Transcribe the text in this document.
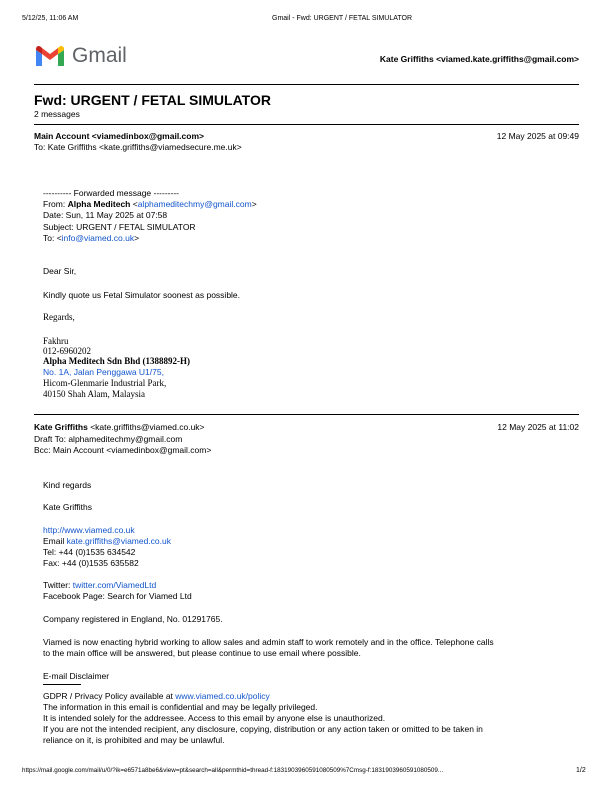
5/12/25, 11:06 AM	Gmail - Fwd: URGENT / FETAL SIMULATOR
Gmail	Kate Griffiths <viamed.kate.griffiths@gmail.com>
Fwd: URGENT / FETAL SIMULATOR
2 messages
Main Account <viamedinbox@gmail.com>	12 May 2025 at 09:49
To: Kate Griffiths <kate.griffiths@viamedsecure.me.uk>
---------- Forwarded message ---------
From: Alpha Meditech <alphameditechmy@gmail.com>
Date: Sun, 11 May 2025 at 07:58
Subject: URGENT / FETAL SIMULATOR
To: <info@viamed.co.uk>
Dear Sir,
Kindly quote us Fetal Simulator soonest as possible.
Regards,
Fakhru
012-6960202
Alpha Meditech Sdn Bhd (1388892-H)
No. 1A, Jalan Penggawa U1/75,
Hicom-Glenmarie Industrial Park,
40150 Shah Alam, Malaysia
Kate Griffiths <kate.griffiths@viamed.co.uk>	12 May 2025 at 11:02
Draft To: alphameditechmy@gmail.com
Bcc: Main Account <viamedinbox@gmail.com>
Kind regards
Kate Griffiths
http://www.viamed.co.uk
Email kate.griffiths@viamed.co.uk
Tel: +44 (0)1535 634542
Fax: +44 (0)1535 635582
Twitter: twitter.com/ViamedLtd
Facebook Page: Search for Viamed Ltd
Company registered in England, No. 01291765.
Viamed is now enacting hybrid working to allow sales and admin staff to work remotely and in the office. Telephone calls
to the main office will be answered, but please continue to use email where possible.
E-mail Disclaimer
GDPR / Privacy Policy available at www.viamed.co.uk/policy
The information in this email is confidential and may be legally privileged.
It is intended solely for the addressee. Access to this email by anyone else is unauthorized.
If you are not the intended recipient, any disclosure, copying, distribution or any action taken or omitted to be taken in
reliance on it, is prohibited and may be unlawful.
https://mail.google.com/mail/u/0/?ik=e6571a8be6&view=pt&search=all&permthid=thread-f:1831903960591080509%7Cmsg-f:1831903960591080509...	1/2
